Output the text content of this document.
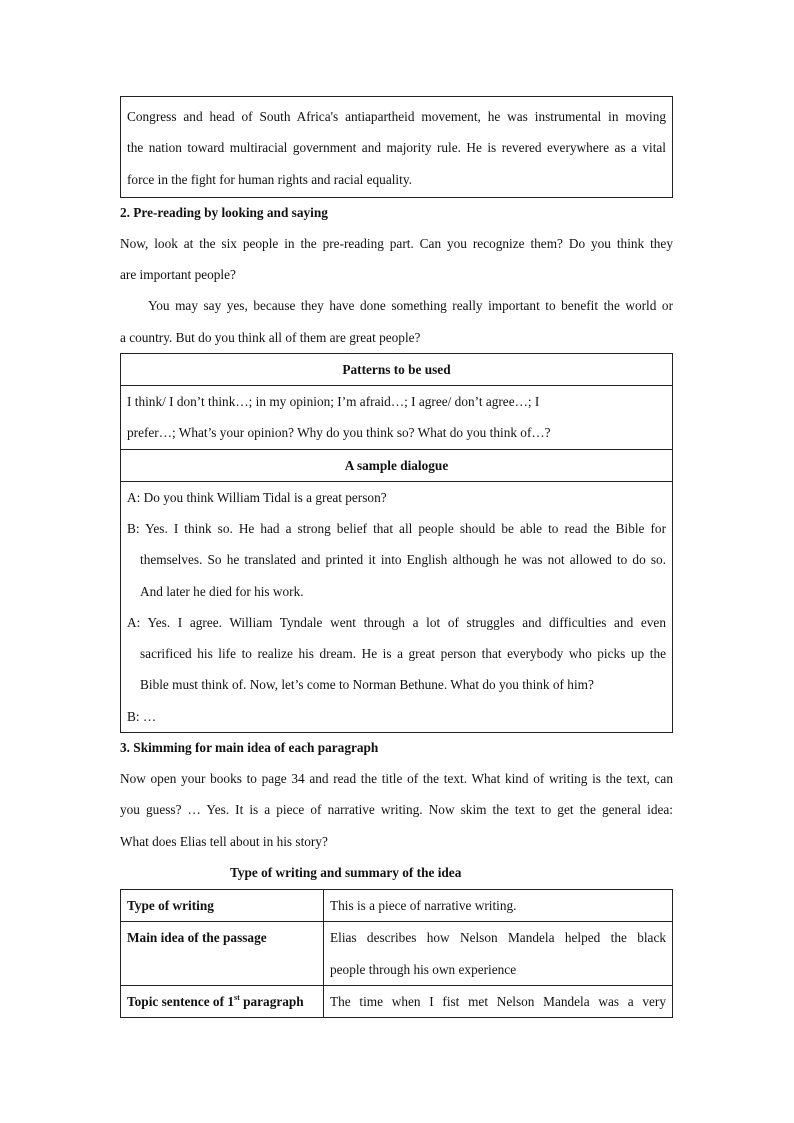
Congress and head of South Africa's antiapartheid movement, he was instrumental in moving
the nation toward multiracial government and majority rule. He is revered everywhere as a vital
force in the fight for human rights and racial equality.
2. Pre-reading by looking and saying
Now, look at the six people in the pre-reading part. Can you recognize them? Do you think they
are important people?
You may say yes, because they have done something really important to benefit the world or
a country. But do you think all of them are great people?
Patterns to be used

I think/ I don’t think…; in my opinion; I’m afraid…; I agree/ don’t agree…; I
prefer…; What’s your opinion? Why do you think so? What do you think of…?

A sample dialogue

A: Do you think William Tidal is a great person?
B: Yes. I think so. He had a strong belief that all people should be able to read the Bible for
themselves. So he translated and printed it into English although he was not allowed to do so.
And later he died for his work.
A: Yes. I agree. William Tyndale went through a lot of struggles and difficulties and even
sacrificed his life to realize his dream. He is a great person that everybody who picks up the
Bible must think of. Now, let’s come to Norman Bethune. What do you think of him?
B: …
3. Skimming for main idea of each paragraph
Now open your books to page 34 and read the title of the text. What kind of writing is the text, can
you guess? … Yes. It is a piece of narrative writing. Now skim the text to get the general idea:
What does Elias tell about in his story?
Type of writing and summary of the idea
Type of writing	This is a piece of narrative writing.

Main idea of the passage	Elias describes how Nelson Mandela helped the black
people through his own experience

Topic sentence of 1st paragraph	The time when I fist met Nelson Mandela was a very
